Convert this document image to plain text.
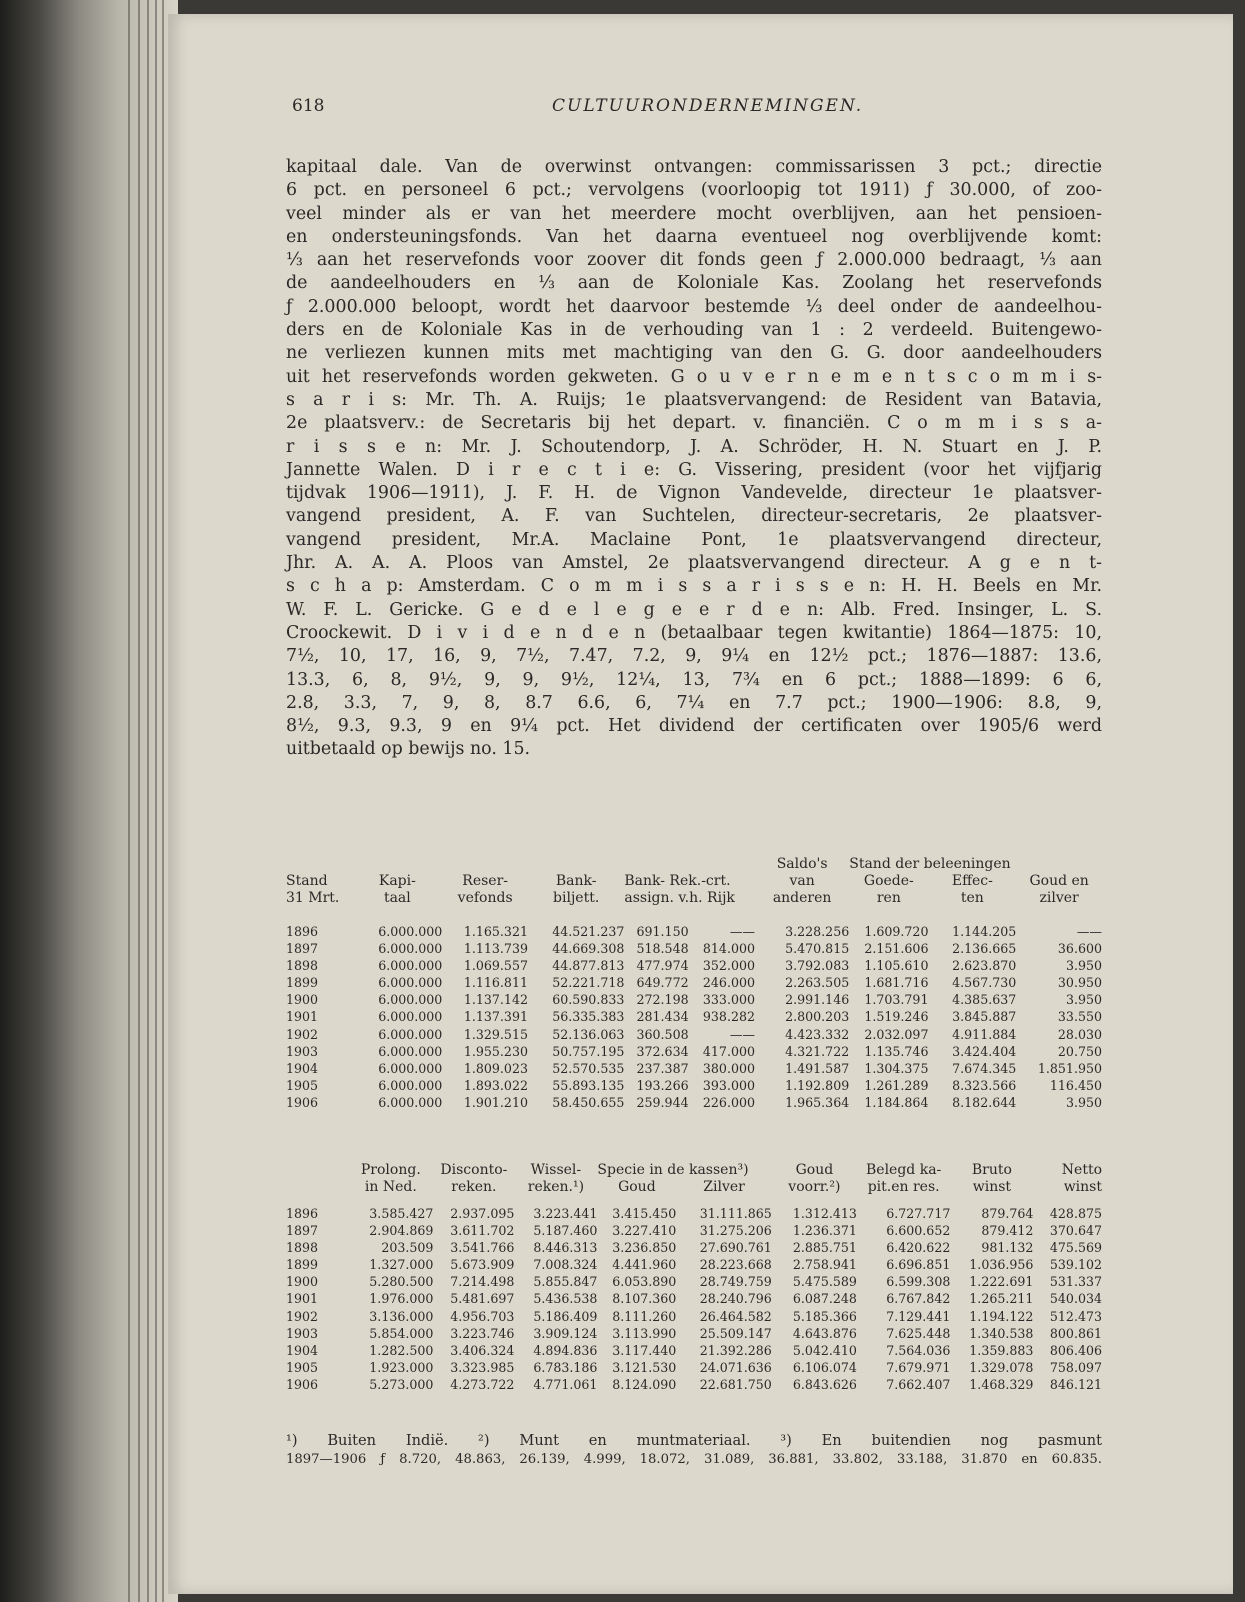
618	CULTUURONDERNEMINGEN.
kapitaal dale. Van de overwinst ontvangen: commissarissen 3 pct.; directie
6 pct. en personeel 6 pct.; vervolgens (voorloopig tot 1911) ƒ 30.000, of zoo-
veel minder als er van het meerdere mocht overblijven, aan het pensioen-
en ondersteuningsfonds. Van het daarna eventueel nog overblijvende komt:
⅓ aan het reservefonds voor zoover dit fonds geen ƒ 2.000.000 bedraagt, ⅓ aan
de aandeelhouders en ⅓ aan de Koloniale Kas. Zoolang het reservefonds
ƒ 2.000.000 beloopt, wordt het daarvoor bestemde ⅓ deel onder de aandeelhou-
ders en de Koloniale Kas in de verhouding van 1 : 2 verdeeld. Buitengewo-
ne verliezen kunnen mits met machtiging van den G. G. door aandeelhouders
uit het reservefonds worden gekweten. G o u v e r n e m e n t s c o m m i s-
s a r i s: Mr. Th. A. Ruijs; 1e plaatsvervangend: de Resident van Batavia,
2e plaatsverv.: de Secretaris bij het depart. v. financiën. C o m m i s s a-
r i s s e n: Mr. J. Schoutendorp, J. A. Schröder, H. N. Stuart en J. P.
Jannette Walen. D i r e c t i e: G. Vissering, president (voor het vijfjarig
tijdvak 1906—1911), J. F. H. de Vignon Vandevelde, directeur 1e plaatsver-
vangend president, A. F. van Suchtelen, directeur-secretaris, 2e plaatsver-
vangend president, Mr.A. Maclaine Pont, 1e plaatsvervangend directeur,
Jhr. A. A. A. Ploos van Amstel, 2e plaatsvervangend directeur. A g e n t-
s c h a p: Amsterdam. C o m m i s s a r i s s e n: H. H. Beels en Mr.
W. F. L. Gericke. G e d e l e g e e r d e n: Alb. Fred. Insinger, L. S.
Croockewit. D i v i d e n d e n (betaalbaar tegen kwitantie) 1864—1875: 10,
7½, 10, 17, 16, 9, 7½, 7.47, 7.2, 9, 9¼ en 12½ pct.; 1876—1887: 13.6,
13.3, 6, 8, 9½, 9, 9, 9½, 12¼, 13, 7¾ en 6 pct.; 1888—1899: 6 6,
2.8, 3.3, 7, 9, 8, 8.7 6.6, 6, 7¼ en 7.7 pct.; 1900—1906: 8.8, 9,
8½, 9.3, 9.3, 9 en 9¼ pct. Het dividend der certificaten over 1905/6 werd
uitbetaald op bewijs no. 15.
						Saldo's	Stand der beleeningen		
Stand	Kapi-	Reser-	Bank-	Bank- Rek.-crt.		van	Goede-	Effec-	Goud en
31 Mrt.	taal	vefonds	biljett.	assign. v.h. Rijk		anderen	ren	ten	zilver
1896	6.000.000	1.165.321	44.521.237	691.150	——	3.228.256	1.609.720	1.144.205	——
1897	6.000.000	1.113.739	44.669.308	518.548	814.000	5.470.815	2.151.606	2.136.665	36.600
1898	6.000.000	1.069.557	44.877.813	477.974	352.000	3.792.083	1.105.610	2.623.870	3.950
1899	6.000.000	1.116.811	52.221.718	649.772	246.000	2.263.505	1.681.716	4.567.730	30.950
1900	6.000.000	1.137.142	60.590.833	272.198	333.000	2.991.146	1.703.791	4.385.637	3.950
1901	6.000.000	1.137.391	56.335.383	281.434	938.282	2.800.203	1.519.246	3.845.887	33.550
1902	6.000.000	1.329.515	52.136.063	360.508	——	4.423.332	2.032.097	4.911.884	28.030
1903	6.000.000	1.955.230	50.757.195	372.634	417.000	4.321.722	1.135.746	3.424.404	20.750
1904	6.000.000	1.809.023	52.570.535	237.387	380.000	1.491.587	1.304.375	7.674.345	1.851.950
1905	6.000.000	1.893.022	55.893.135	193.266	393.000	1.192.809	1.261.289	8.323.566	116.450
1906	6.000.000	1.901.210	58.450.655	259.944	226.000	1.965.364	1.184.864	8.182.644	3.950
	Prolong.	Disconto-	Wissel-	Specie in de kassen³)		Goud	Belegd ka-	Bruto	Netto
	in Ned.	reken.	reken.¹)	Goud	Zilver	voorr.²)	pit.en res.	winst	winst
1896	3.585.427	2.937.095	3.223.441	3.415.450	31.111.865	1.312.413	6.727.717	879.764	428.875
1897	2.904.869	3.611.702	5.187.460	3.227.410	31.275.206	1.236.371	6.600.652	879.412	370.647
1898	203.509	3.541.766	8.446.313	3.236.850	27.690.761	2.885.751	6.420.622	981.132	475.569
1899	1.327.000	5.673.909	7.008.324	4.441.960	28.223.668	2.758.941	6.696.851	1.036.956	539.102
1900	5.280.500	7.214.498	5.855.847	6.053.890	28.749.759	5.475.589	6.599.308	1.222.691	531.337
1901	1.976.000	5.481.697	5.436.538	8.107.360	28.240.796	6.087.248	6.767.842	1.265.211	540.034
1902	3.136.000	4.956.703	5.186.409	8.111.260	26.464.582	5.185.366	7.129.441	1.194.122	512.473
1903	5.854.000	3.223.746	3.909.124	3.113.990	25.509.147	4.643.876	7.625.448	1.340.538	800.861
1904	1.282.500	3.406.324	4.894.836	3.117.440	21.392.286	5.042.410	7.564.036	1.359.883	806.406
1905	1.923.000	3.323.985	6.783.186	3.121.530	24.071.636	6.106.074	7.679.971	1.329.078	758.097
1906	5.273.000	4.273.722	4.771.061	8.124.090	22.681.750	6.843.626	7.662.407	1.468.329	846.121
¹) Buiten Indië. ²) Munt en muntmateriaal. ³) En buitendien nog pasmunt
1897—1906 ƒ 8.720, 48.863, 26.139, 4.999, 18.072, 31.089, 36.881, 33.802, 33.188, 31.870 en 60.835.
